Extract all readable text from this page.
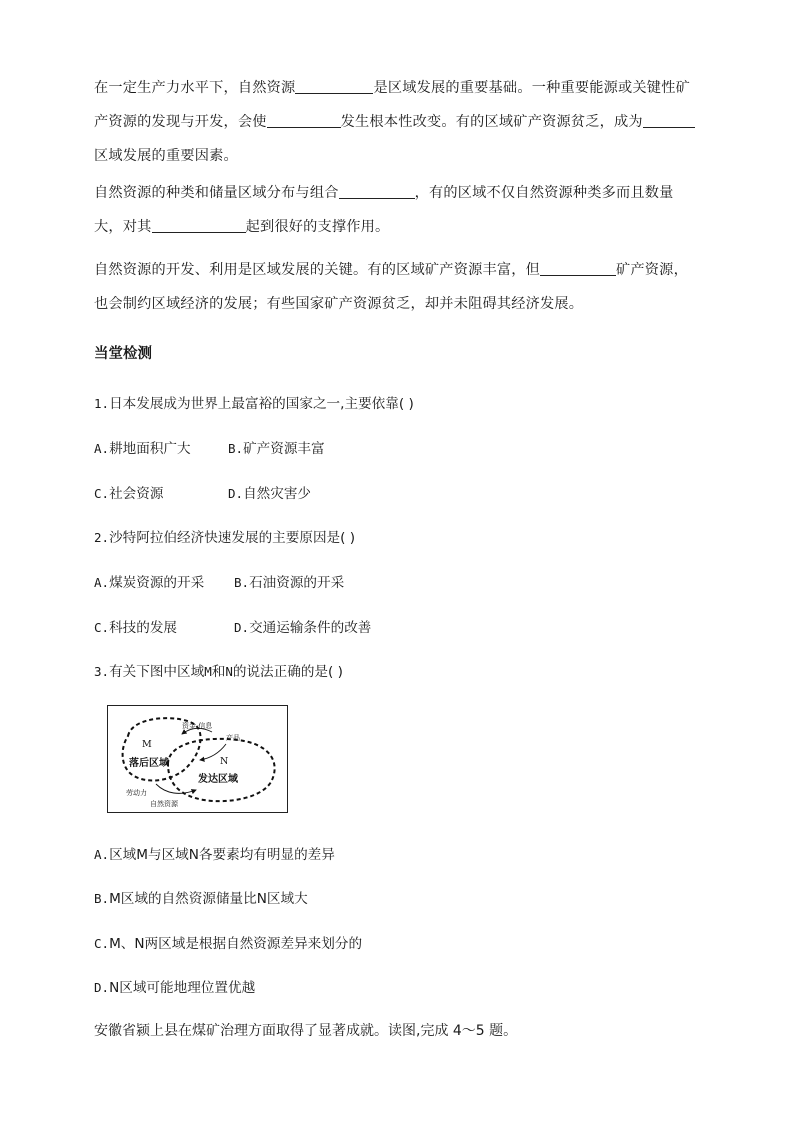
在一定生产力水平下，自然资源	是区域发展的重要基础。一种重要能源或关键性矿产资源的发现与开发，会使	发生根本性改变。有的区域矿产资源贫乏，成为区域发展的重要因素。
自然资源的种类和储量区域分布与组合	，有的区域不仅自然资源种类多而且数量大，对其	起到很好的支撑作用。
自然资源的开发、利用是区域发展的关键。有的区域矿产资源丰富，但	矿产资源，也会制约区域经济的发展；有些国家矿产资源贫乏，却并未阻碍其经济发展。
当堂检测
1.日本发展成为世界上最富裕的国家之一,主要依靠( )
A.耕地面积广大	B.矿产资源丰富
C.社会资源	D.自然灾害少
2.沙特阿拉伯经济快速发展的主要原因是( )
A.煤炭资源的开采 B.石油资源的开采
C.科技的发展	D.交通运输条件的改善
3.有关下图中区域M和N的说法正确的是( )
资金 信息
产品
M
落后区域	N
发达区域
劳动力
自然资源
A.区域M与区域N各要素均有明显的差异
B.M区域的自然资源储量比N区域大
C.M、N两区域是根据自然资源差异来划分的
D.N区域可能地理位置优越
安徽省颍上县在煤矿治理方面取得了显著成就。读图,完成 4～5 题。
